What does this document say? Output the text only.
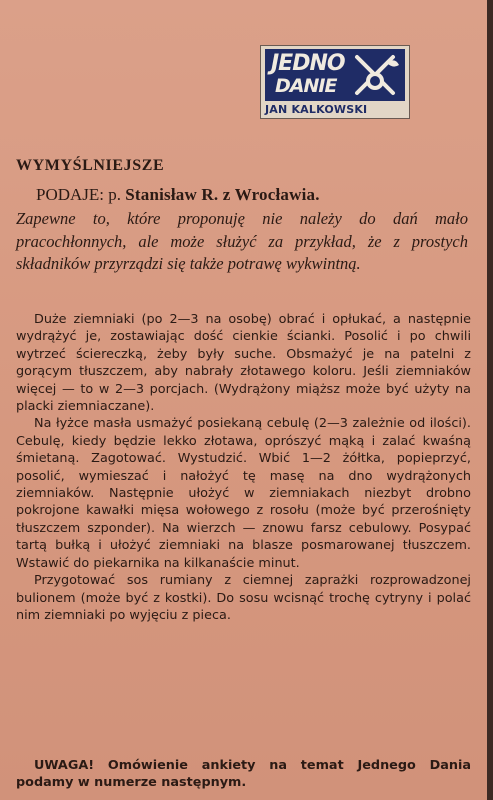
JEDNO
DANIE
JAN KALKOWSKI
WYMYŚLNIEJSZE
PODAJE: p. Stanisław R. z Wrocławia.
Zapewne to, które proponuję nie należy do dań mało pracochłonnych, ale może służyć za przykład, że z prostych składników przyrządzi się także potrawę wykwintną.

Duże ziemniaki (po 2—3 na osobę) obrać i opłukać, a następnie wydrążyć je, zostawiając dość cienkie ścianki. Posolić i po chwili wytrzeć ściereczką, żeby były suche. Obsmażyć je na patelni z gorącym tłuszczem, aby nabrały złotawego koloru. Jeśli ziemniaków więcej — to w 2—3 porcjach. (Wydrążony miąższ może być użyty na placki ziemniaczane).

Na łyżce masła usmażyć posiekaną cebulę (2—3 zależnie od ilości). Cebulę, kiedy będzie lekko złotawa, oprószyć mąką i zalać kwaśną śmietaną. Zagotować. Wystudzić. Wbić 1—2 żółtka, popieprzyć, posolić, wymieszać i nałożyć tę masę na dno wydrążonych ziemniaków. Następnie ułożyć w ziemniakach niezbyt drobno pokrojone kawałki mięsa wołowego z rosołu (może być przerośnięty tłuszczem szponder). Na wierzch — znowu farsz cebulowy. Posypać tartą bułką i ułożyć ziemniaki na blasze posmarowanej tłuszczem. Wstawić do piekarnika na kilkanaście minut.

Przygotować sos rumiany z ciemnej zaprażki rozprowadzonej bulionem (może być z kostki). Do sosu wcisnąć trochę cytryny i polać nim ziemniaki po wyjęciu z pieca.

UWAGA! Omówienie ankiety na temat Jednego Dania podamy w numerze następnym.
